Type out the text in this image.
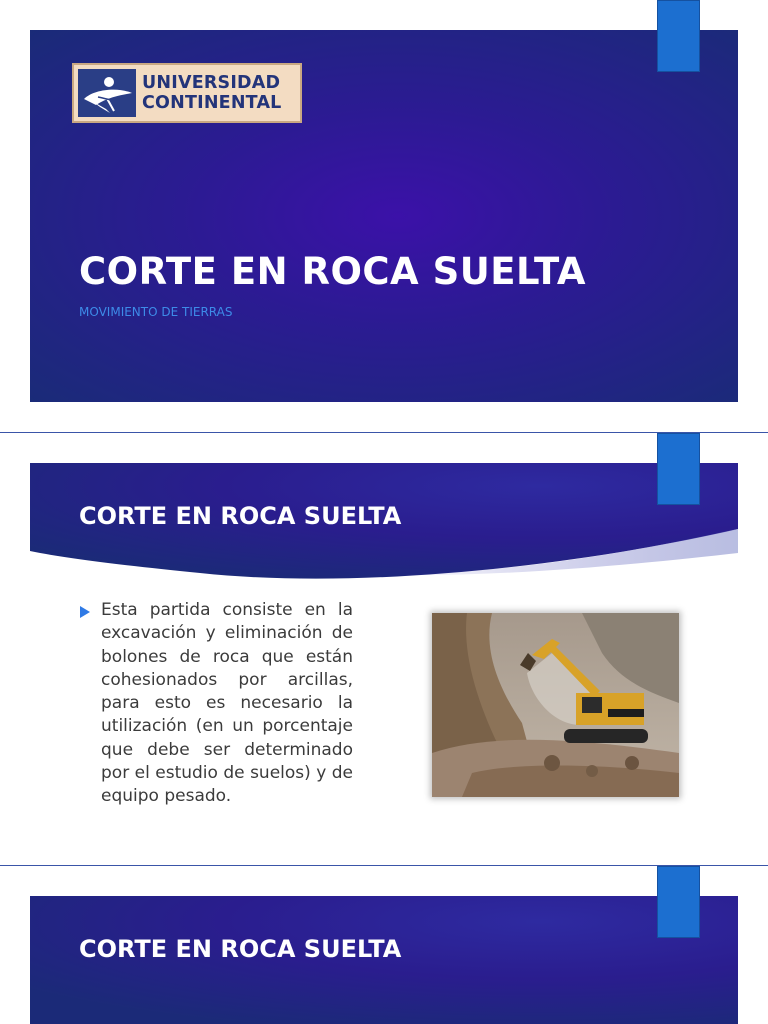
UNIVERSIDAD
CONTINENTAL
CORTE EN ROCA SUELTA
MOVIMIENTO DE TIERRAS
CORTE EN ROCA SUELTA

Esta partida consiste en la excavación y eliminación de bolones de roca que están cohesionados por arcillas, para esto es necesario la utilización (en un porcentaje que debe ser determinado por el estudio de suelos) y de equipo pesado.

CORTE EN ROCA SUELTA
